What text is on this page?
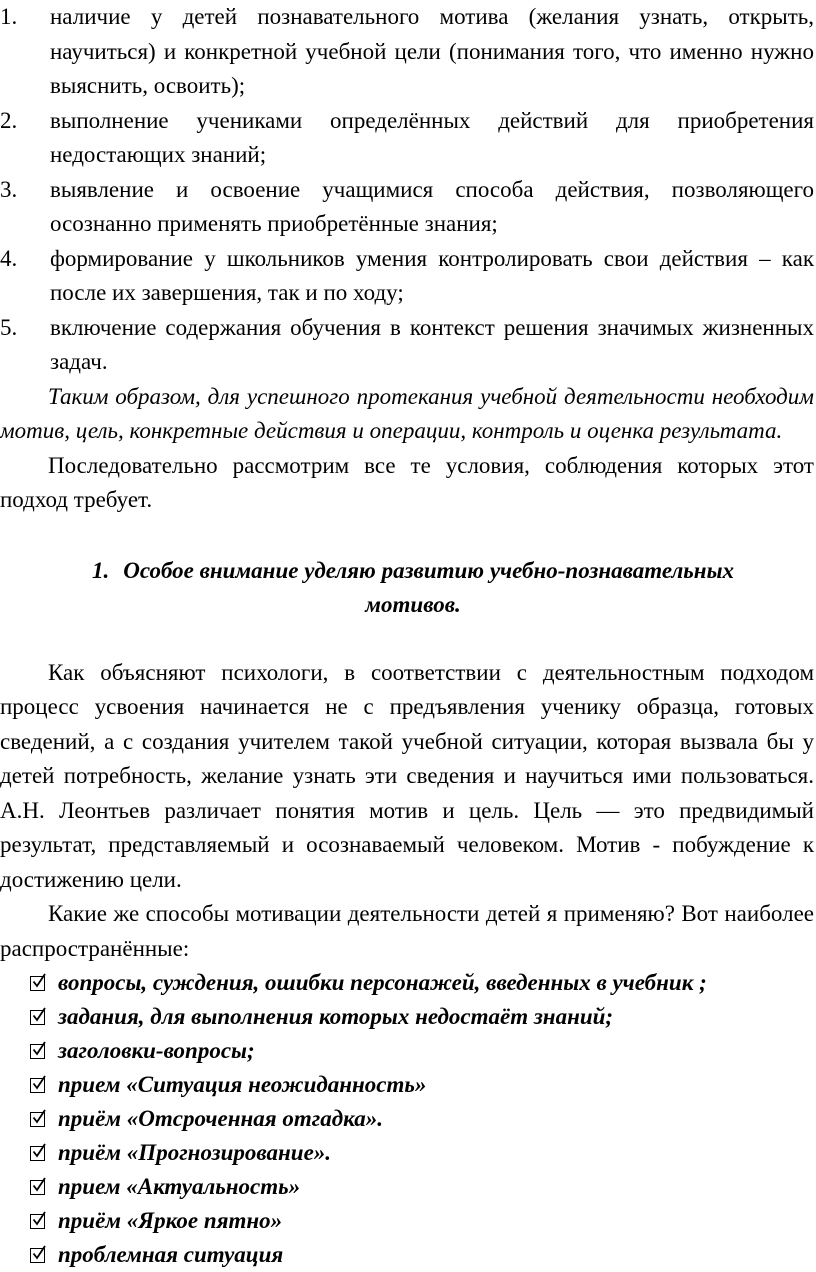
1. наличие у детей познавательного мотива (желания узнать, открыть, научиться) и конкретной учебной цели (понимания того, что именно нужно выяснить, освоить);
2. выполнение учениками определённых действий для приобретения недостающих знаний;
3. выявление и освоение учащимися способа действия, позволяющего осознанно применять приобретённые знания;
4. формирование у школьников умения контролировать свои действия – как после их завершения, так и по ходу;
5. включение содержания обучения в контекст решения значимых жизненных задач.

Таким образом, для успешного протекания учебной деятельности необходим мотив, цель, конкретные действия и операции, контроль и оценка результата.

Последовательно рассмотрим все те условия, соблюдения которых этот подход требует.

1. Особое внимание уделяю развитию учебно-познавательных мотивов.

Как объясняют психологи, в соответствии с деятельностным подходом процесс усвоения начинается не с предъявления ученику образца, готовых сведений, а с создания учителем такой учебной ситуации, которая вызвала бы у детей потребность, желание узнать эти сведения и научиться ими пользоваться. А.Н. Леонтьев различает понятия мотив и цель. Цель — это предвидимый результат, представляемый и осознаваемый человеком. Мотив - побуждение к достижению цели.

Какие же способы мотивации деятельности детей я применяю? Вот наиболее распространённые:

вопросы, суждения, ошибки персонажей, введенных в учебник ;
задания, для выполнения которых недостаёт знаний;
заголовки-вопросы;
прием «Ситуация неожиданность»
приём «Отсроченная отгадка».
приём «Прогнозирование».
прием «Актуальность»
приём «Яркое пятно»
проблемная ситуация
